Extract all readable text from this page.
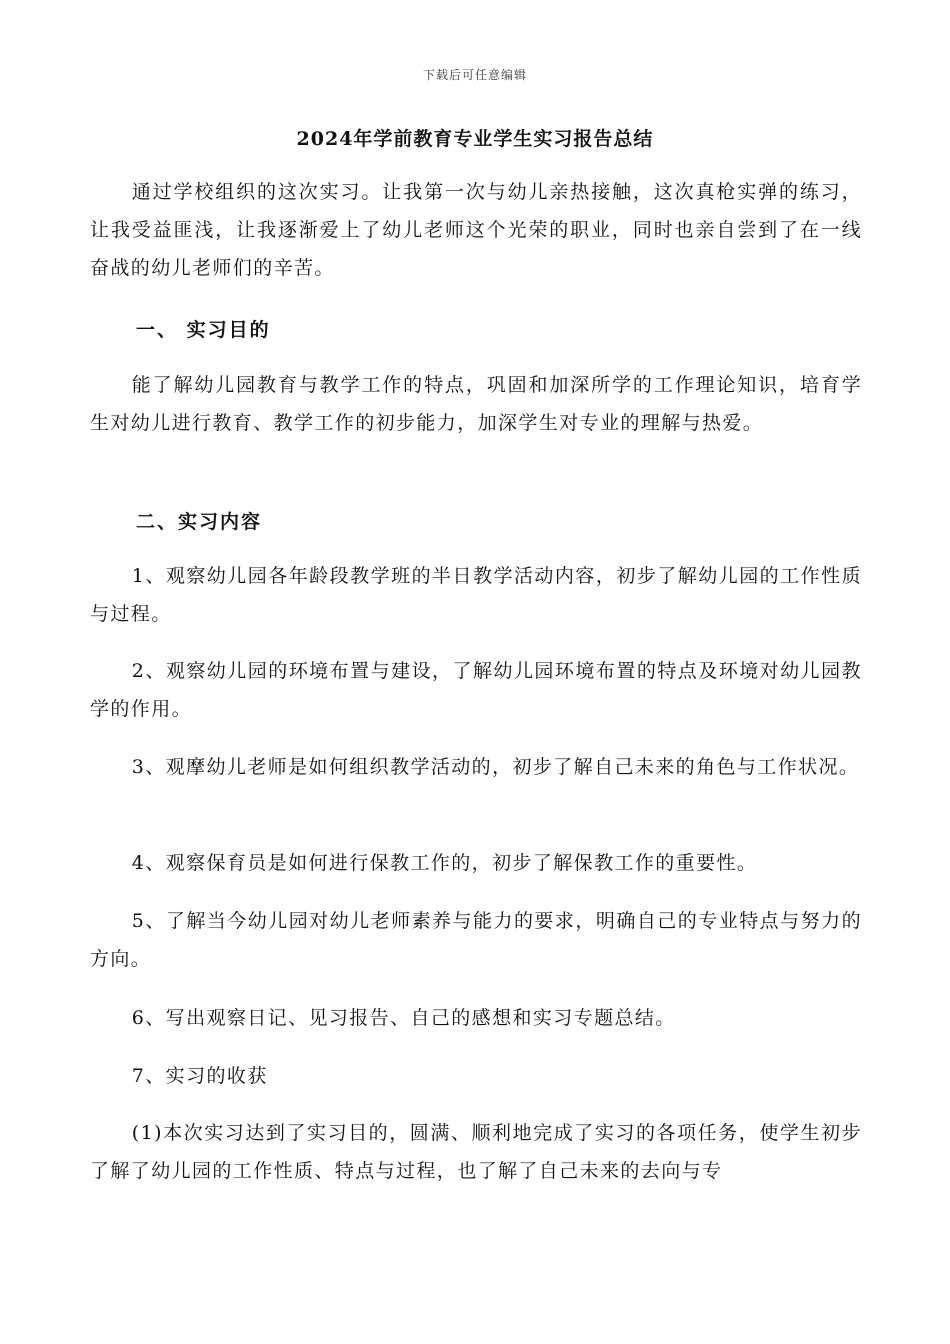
下载后可任意编辑
2024年学前教育专业学生实习报告总结

通过学校组织的这次实习。让我第一次与幼儿亲热接触，这次真枪实弹的练习，让我受益匪浅，让我逐渐爱上了幼儿老师这个光荣的职业，同时也亲自尝到了在一线奋战的幼儿老师们的辛苦。

一、 实习目的

能了解幼儿园教育与教学工作的特点，巩固和加深所学的工作理论知识，培育学生对幼儿进行教育、教学工作的初步能力，加深学生对专业的理解与热爱。

二、实习内容

1、观察幼儿园各年龄段教学班的半日教学活动内容，初步了解幼儿园的工作性质与过程。

2、观察幼儿园的环境布置与建设，了解幼儿园环境布置的特点及环境对幼儿园教学的作用。

3、观摩幼儿老师是如何组织教学活动的，初步了解自己未来的角色与工作状况。

4、观察保育员是如何进行保教工作的，初步了解保教工作的重要性。

5、了解当今幼儿园对幼儿老师素养与能力的要求，明确自己的专业特点与努力的方向。

6、写出观察日记、见习报告、自己的感想和实习专题总结。

7、实习的收获

(1)本次实习达到了实习目的，圆满、顺利地完成了实习的各项任务，使学生初步了解了幼儿园的工作性质、特点与过程，也了解了自己未来的去向与专
